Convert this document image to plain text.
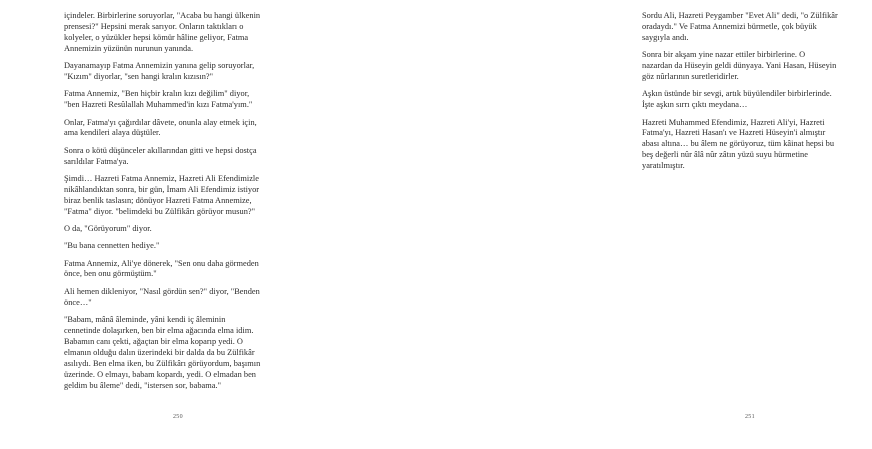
içindeler. Birbirlerine soruyorlar, "Acaba bu hangi ülkenin
prensesi?" Hepsini merak sarıyor. Onların taktıkları o
kolyeler, o yüzükler hepsi kömür hâline geliyor, Fatma
Annemizin yüzünün nurunun yanında.

Dayanamayıp Fatma Annemizin yanına gelip soruyorlar,
"Kızım" diyorlar, "sen hangi kralın kızısın?"

Fatma Annemiz, "Ben hiçbir kralın kızı değilim" diyor,
"ben Hazreti Resûlallah Muhammed'in kızı Fatma'yım."

Onlar, Fatma'yı çağırdılar dâvete, onunla alay etmek için,
ama kendileri alaya düştüler.

Sonra o kötü düşünceler akıllarından gitti ve hepsi dostça
sarıldılar Fatma'ya.

Şimdi… Hazreti Fatma Annemiz, Hazreti Ali Efendimizle
nikâhlandıktan sonra, bir gün, İmam Ali Efendimiz istiyor
biraz benlik taslasın; dönüyor Hazreti Fatma Annemize,
"Fatma" diyor. "belimdeki bu Zülfikârı görüyor musun?"

O da, "Görüyorum" diyor.

"Bu bana cennetten hediye."

Fatma Annemiz, Ali'ye dönerek, "Sen onu daha görmeden
önce, ben onu görmüştüm."

Ali hemen dikleniyor, "Nasıl gördün sen?" diyor, "Benden
önce…"

"Babam, mânâ âleminde, yâni kendi iç âleminin
cennetinde dolaşırken, ben bir elma ağacında elma idim.
Babamın canı çekti, ağaçtan bir elma koparıp yedi. O
elmanın olduğu dalın üzerindeki bir dalda da bu Zülfikâr
asılıydı. Ben elma iken, bu Zülfikârı görüyordum, başımın
üzerinde. O elmayı, babam kopardı, yedi. O elmadan ben
geldim bu âleme" dedi, "istersen sor, babama."

250

Sordu Ali, Hazreti Peygamber "Evet Ali" dedi, "o Zülfikâr
oradaydı." Ve Fatma Annemizi bürmetle, çok büyük
saygıyla andı.

Sonra bir akşam yine nazar ettiler birbirlerine. O
nazardan da Hüseyin geldi dünyaya. Yani Hasan, Hüseyin
göz nûrlarının suretleridirler.

Aşkın üstünde bir sevgi, artık büyülendiler birbirlerinde.
İşte aşkın sırrı çıktı meydana…

Hazreti Muhammed Efendimiz, Hazreti Ali'yi, Hazreti
Fatma'yı, Hazreti Hasan'ı ve Hazreti Hüseyin'i almıştır
abası altına… bu âlem ne görüyoruz, tüm kâinat hepsi bu
beş değerli nûr âlâ nûr zâtın yüzü suyu hürmetine
yaratılmıştır.

251
